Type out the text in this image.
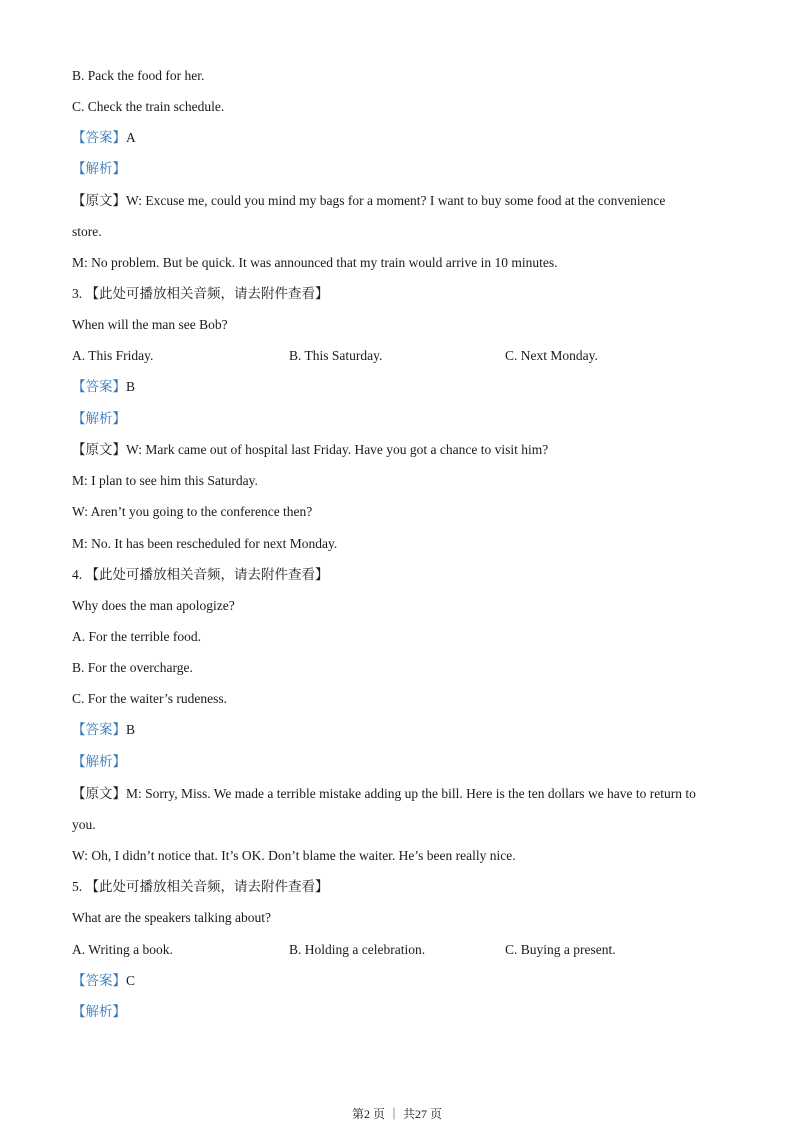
B. Pack the food for her.
C. Check the train schedule.
【答案】A
【解析】
【原文】W: Excuse me, could you mind my bags for a moment? I want to buy some food at the convenience
store.
M: No problem. But be quick. It was announced that my train would arrive in 10 minutes.
3. 【此处可播放相关音频，请去附件查看】
When will the man see Bob?
A. This Friday.	B. This Saturday.	C. Next Monday.
【答案】B
【解析】
【原文】W: Mark came out of hospital last Friday. Have you got a chance to visit him?
M: I plan to see him this Saturday.
W: Aren’t you going to the conference then?
M: No. It has been rescheduled for next Monday.
4. 【此处可播放相关音频，请去附件查看】
Why does the man apologize?
A. For the terrible food.
B. For the overcharge.
C. For the waiter’s rudeness.
【答案】B
【解析】
【原文】M: Sorry, Miss. We made a terrible mistake adding up the bill. Here is the ten dollars we have to return to
you.
W: Oh, I didn’t notice that. It’s OK. Don’t blame the waiter. He’s been really nice.
5. 【此处可播放相关音频，请去附件查看】
What are the speakers talking about?
A. Writing a book.	B. Holding a celebration.	C. Buying a present.
【答案】C
【解析】
第2 页 ｜ 共27 页
